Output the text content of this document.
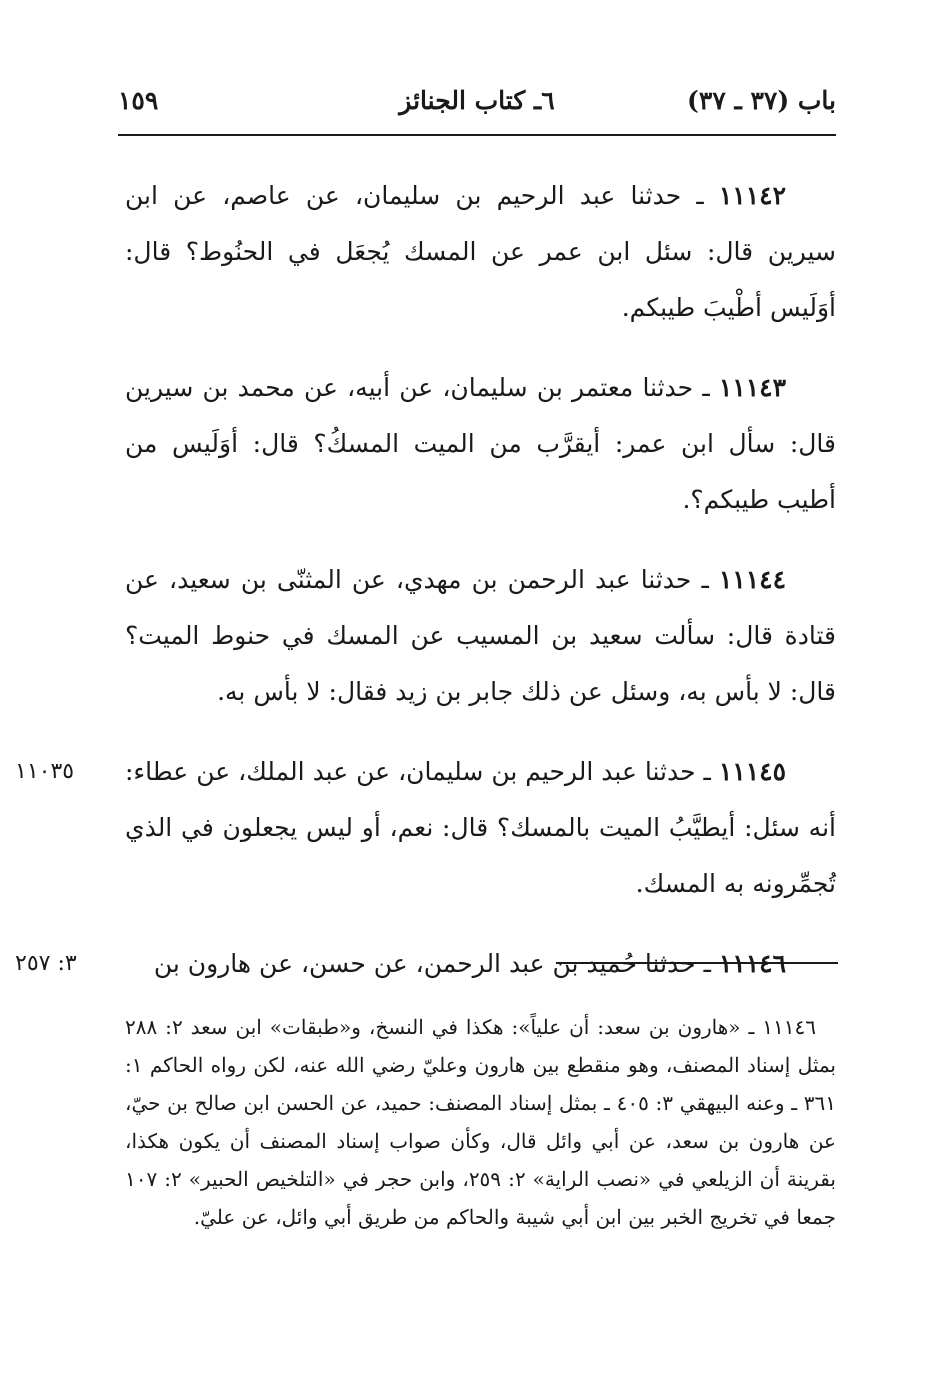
باب (٣٧ ـ ٣٧)
٦ـ كتاب الجنائز
١٥٩

١١١٤٢ ـ حدثنا عبد الرحيم بن سليمان، عن عاصم، عن ابن سيرين قال: سئل ابن عمر عن المسك يُجعَل في الحنُوط؟ قال: أوَلَيس أطْيبَ طيبكم.

١١١٤٣ ـ حدثنا معتمر بن سليمان، عن أبيه، عن محمد بن سيرين قال: سأل ابن عمر: أيقرَّب من الميت المسكُ؟ قال: أوَلَيس من أطيب طيبكم؟.

١١١٤٤ ـ حدثنا عبد الرحمن بن مهدي، عن المثنّى بن سعيد، عن قتادة قال: سألت سعيد بن المسيب عن المسك في حنوط الميت؟ قال: لا بأس به، وسئل عن ذلك جابر بن زيد فقال: لا بأس به.

١١٠٣٥	١١١٤٥ ـ حدثنا عبد الرحيم بن سليمان، عن عبد الملك، عن عطاء: أنه سئل: أيطيَّبُ الميت بالمسك؟ قال: نعم، أو ليس يجعلون في الذي تُجمِّرونه به المسك.

٣: ٢٥٧	١١١٤٦ ـ حدثنا حُميد بن عبد الرحمن، عن حسن، عن هارون بن

١١١٤٦ ـ «هارون بن سعد: أن علياً»: هكذا في النسخ، و«طبقات» ابن سعد ٢: ٢٨٨ بمثل إسناد المصنف، وهو منقطع بين هارون وعليّ رضي الله عنه، لكن رواه الحاكم ١: ٣٦١ ـ وعنه البيهقي ٣: ٤٠٥ ـ بمثل إسناد المصنف: حميد، عن الحسن ابن صالح بن حيّ، عن هارون بن سعد، عن أبي وائل قال، وكأن صواب إسناد المصنف أن يكون هكذا، بقرينة أن الزيلعي في «نصب الراية» ٢: ٢٥٩، وابن حجر في «التلخيص الحبير» ٢: ١٠٧ جمعا في تخريج الخبر بين ابن أبي شيبة والحاكم من طريق أبي وائل، عن عليّ.
